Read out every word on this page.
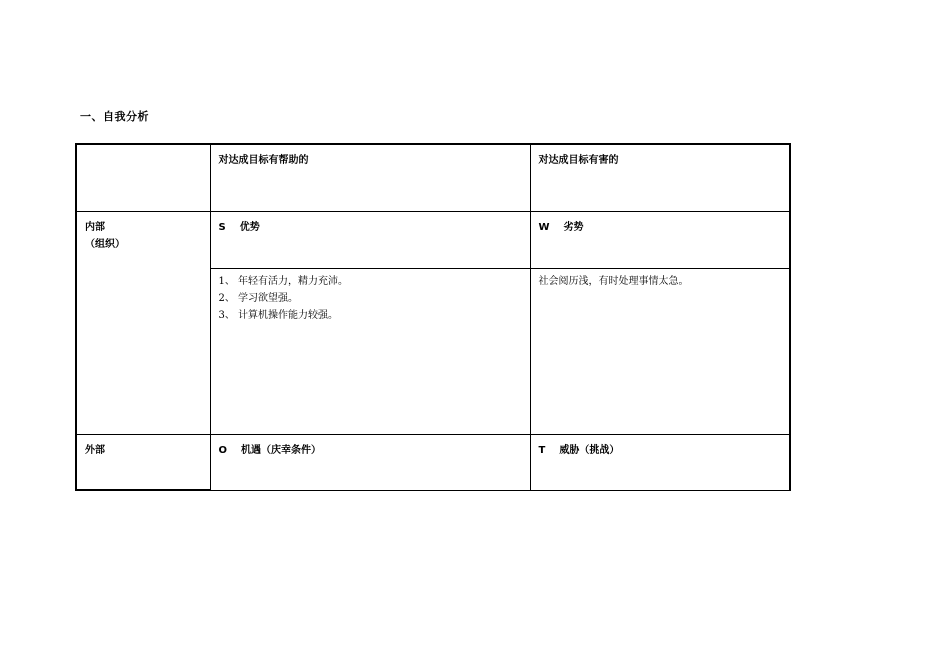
一、自我分析
	对达成目标有帮助的	对达成目标有害的

内部
（组织）	S 优势	W 劣势

	1、 年轻有活力，精力充沛。
2、 学习欲望强。
3、 计算机操作能力较强。	社会阅历浅，有时处理事情太急。
外部	O 机遇（庆幸条件）	T 威胁（挑战）
